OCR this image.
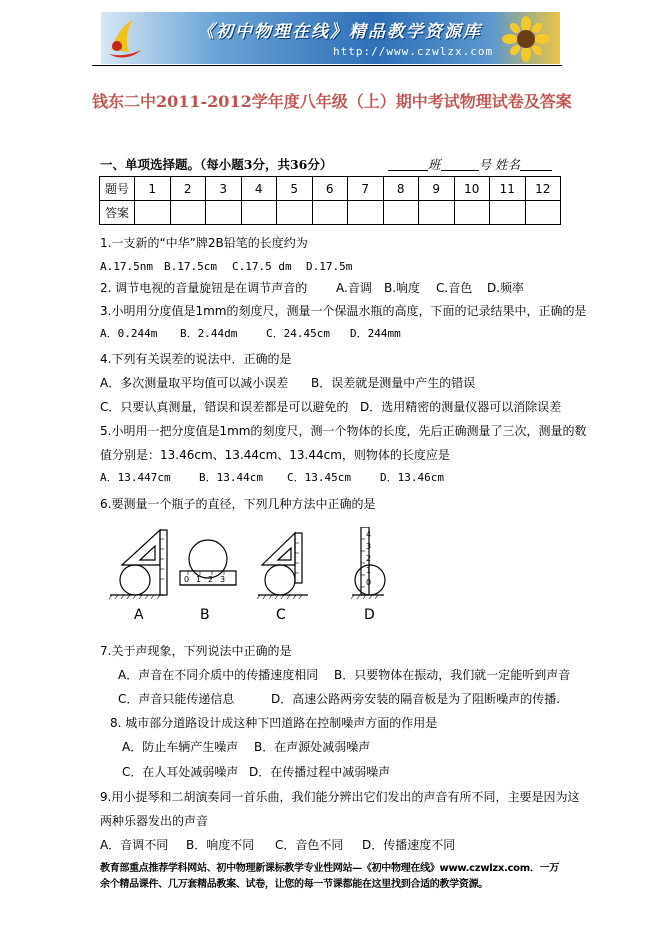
《初中物理在线》精品教学资源库
http://www.czwlzx.com
钱东二中2011-2012学年度八年级（上）期中考试物理试卷及答案
一、单项选择题。（每小题3分，共36分）	班	号 姓名
题号	1	2	3	4	5	6	7	8	9	10	11	12
答案												
1.一支新的“中华”牌2B铅笔的长度约为
A.17.5nm B.17.5cm C.17.5 dm D.17.5m
2. 调节电视的音量旋钮是在调节声音的 A.音调 B.响度 C.音色 D.频率
3.小明用分度值是1mm的刻度尺，测量一个保温水瓶的高度，下面的记录结果中，正确的是
A．0.244m B．2.44dm	C．24.45cm D．244mm
4.下列有关误差的说法中．正确的是
A．多次测量取平均值可以减小误差 B．误差就是测量中产生的错误
C．只要认真测量，错误和误差都是可以避免的 D．选用精密的测量仪器可以消除误差
5.小明用一把分度值是1mm的刻度尺，测一个物体的长度，先后正确测量了三次，测量的数
值分别是：13.46cm、13.44cm、13.44cm，则物体的长度应是
A．13.447cm	B．13.44cm C．13.45cm	D．13.46cm
6.要测量一个瓶子的直径，下列几种方法中正确的是
0 1 2 3
4
3
2
1
0
A	B	C	D
7.关于声现象，下列说法中正确的是
A．声音在不同介质中的传播速度相同 B．只要物体在振动，我们就一定能听到声音
C．声音只能传递信息	D．高速公路两旁安装的隔音板是为了阻断噪声的传播.
8. 城市部分道路设计成这种下凹道路在控制噪声方面的作用是
A．防止车辆产生噪声 B．在声源处减弱噪声
C．在人耳处减弱噪声 D．在传播过程中减弱噪声
9.用小提琴和二胡演奏同一首乐曲，我们能分辨出它们发出的声音有所不同，主要是因为这
两种乐器发出的声音
A．音调不同 B．响度不同 C．音色不同 D．传播速度不同
教育部重点推荐学科网站、初中物理新课标教学专业性网站—《初中物理在线》www.czwlzx.com．一万余个精品课件、几万套精品教案、试卷，让您的每一节课都能在这里找到合适的教学资源。
